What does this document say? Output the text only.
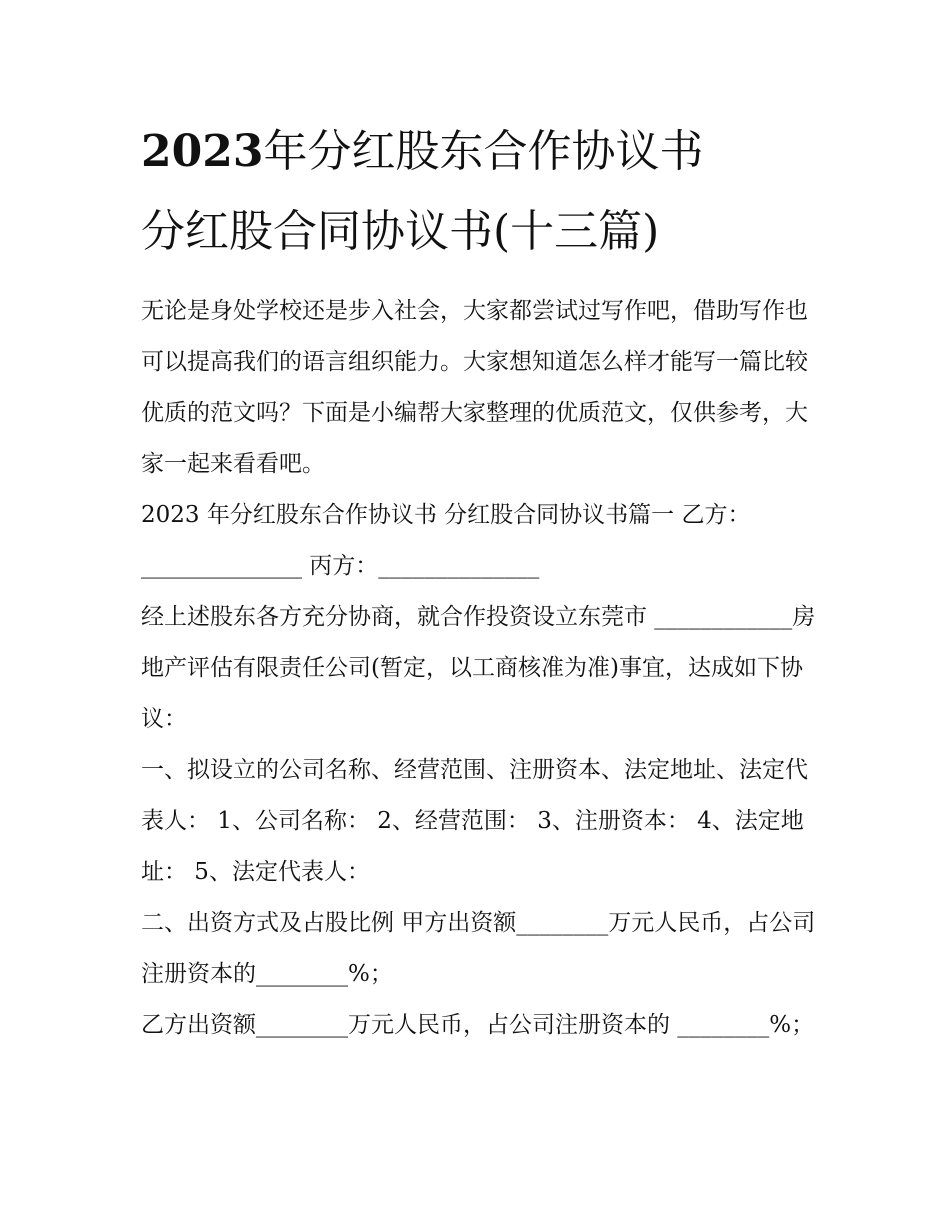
2023年分红股东合作协议书
分红股合同协议书(十三篇)

无论是身处学校还是步入社会，大家都尝试过写作吧，借助写作也可以提高我们的语言组织能力。大家想知道怎么样才能写一篇比较优质的范文吗？下面是小编帮大家整理的优质范文，仅供参考，大家一起来看看吧。

2023 年分红股东合作协议书 分红股合同协议书篇一 乙方：______________ 丙方：______________

经上述股东各方充分协商，就合作投资设立东莞市 ____________房地产评估有限责任公司(暂定，以工商核准为准)事宜，达成如下协议：

一、拟设立的公司名称、经营范围、注册资本、法定地址、法定代表人： 1、公司名称： 2、经营范围： 3、注册资本： 4、法定地址： 5、法定代表人：

二、出资方式及占股比例 甲方出资额________万元人民币，占公司注册资本的________%；

乙方出资额________万元人民币，占公司注册资本的 ________%；
